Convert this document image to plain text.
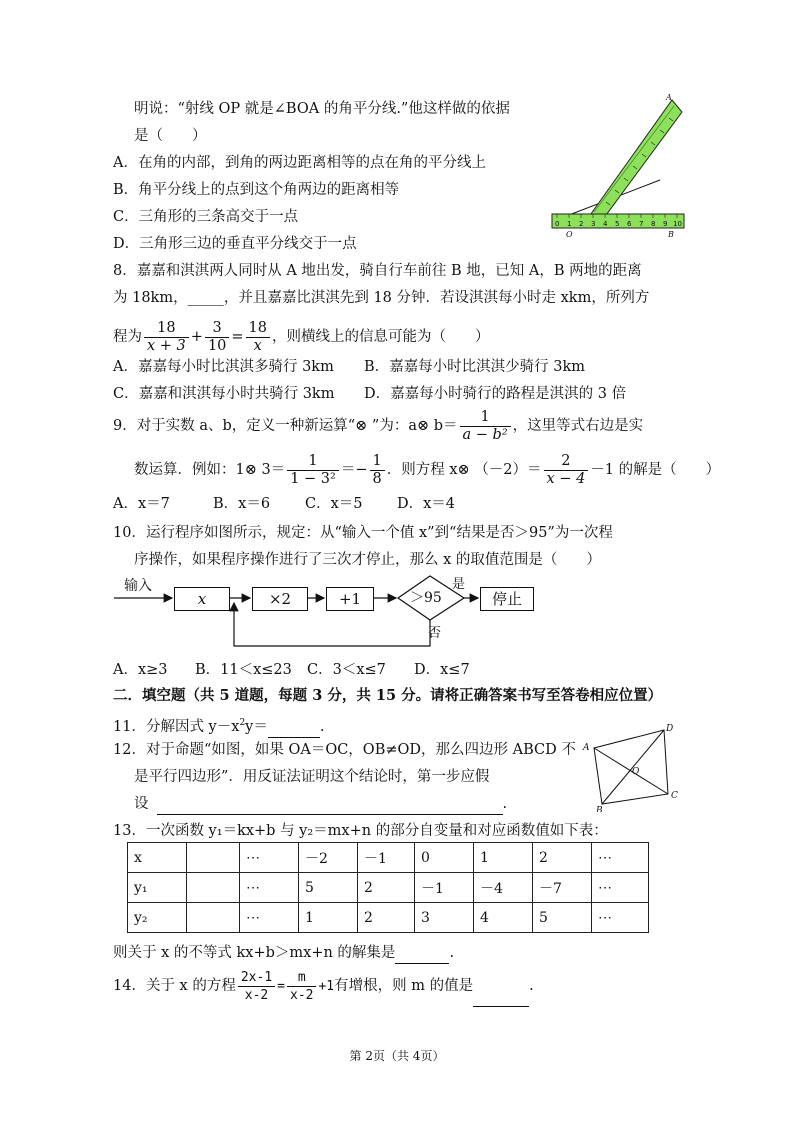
明说：“射线 OP 就是∠BOA 的角平分线.”他这样做的依据
是（　　）
A．在角的内部，到角的两边距离相等的点在角的平分线上
B．角平分线上的点到这个角两边的距离相等
C．三角形的三条高交于一点
D．三角形三边的垂直平分线交于一点
0 1 2 3 4 5 6 7 8 9 10
O	B
A
8．嘉嘉和淇淇两人同时从 A 地出发，骑自行车前往 B 地，已知 A，B 两地的距离
为 18km，_____，并且嘉嘉比淇淇先到 18 分钟．若设淇淇每小时走 xkm，所列方
程为 $\frac{18}{x + 3} + \frac{3}{10} = \frac{18}{x}$ ，则横线上的信息可能为（　　）
A．嘉嘉每小时比淇淇多骑行 3km B．嘉嘉每小时比淇淇少骑行 3km
C．嘉嘉和淇淇每小时共骑行 3km D．嘉嘉每小时骑行的路程是淇淇的 3 倍
9．对于实数 a、b，定义一种新运算“⊗ ”为：a⊗ $b= \frac{1}{\text{a − b²}}$ ，这里等式右边是实
数运算．例如：1⊗ $3= \frac{1}{\text{1 − 3²}} =- \frac{1}{8}$ ．则方程 x⊗ $(-2)= \frac{2}{x - 4} -1$ 的解是（　　）
A．x＝7	B．x＝6 C．x＝5 D．x＝4
10．运行程序如图所示，规定：从“输入一个值 x”到“结果是否＞95”为一次程
序操作，如果程序操作进行了三次才停止，那么 x 的取值范围是（　　）
输入
x	×2	+1	＞95
是
停止
否
A．x≥3 B．11＜x≤23 C．3＜x≤7 D．x≤7
二．填空题（共 5 道题，每题 3 分，共 15 分。请将正确答案书写至答卷相应位置）
11．分解因式 $y-x^2y=$	.
12．对于命题“如图，如果 OA＝OC，OB≠OD，那么四边形 ABCD 不
是平行四边形”．用反证法证明这个结论时，第一步应假
设	.
A
D
C
B
O
13．一次函数 y₁＝kx+b 与 y₂＝mx+n 的部分自变量和对应函数值如下表：
x		⋯	－2	－1	0	1	2	⋯
y₁		⋯	5	2	－1	－4	－7	⋯
y₂		⋯	1	2	3	4	5	⋯
则关于 x 的不等式 kx+b＞mx+n 的解集是	.
14．关于 x 的方程 $\frac{2x-1}{x-2} = \frac{m}{x-2} +1$有增根，则 m 的值是	.
第 2页（共 4页）
